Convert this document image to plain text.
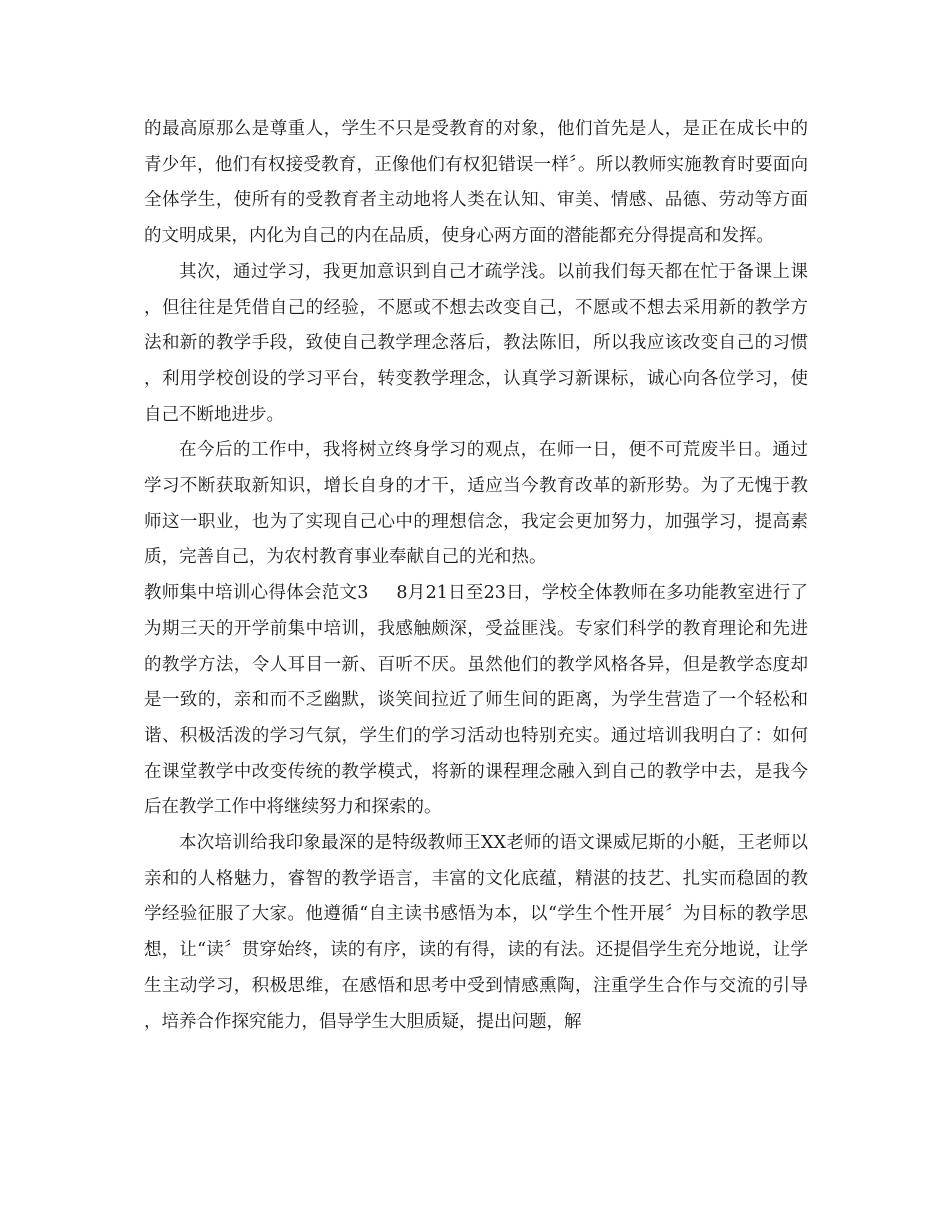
的最高原那么是尊重人，学生不只是受教育的对象，他们首先是人，是正在成长中的青少年，他们有权接受教育，正像他们有权犯错误一样〞。所以教师实施教育时要面向全体学生，使所有的受教育者主动地将人类在认知、审美、情感、品德、劳动等方面的文明成果，内化为自己的内在品质，使身心两方面的潜能都充分得提高和发挥。

其次，通过学习，我更加意识到自己才疏学浅。以前我们每天都在忙于备课上课，但往往是凭借自己的经验，不愿或不想去改变自己，不愿或不想去采用新的教学方法和新的教学手段，致使自己教学理念落后，教法陈旧，所以我应该改变自己的习惯，利用学校创设的学习平台，转变教学理念，认真学习新课标，诚心向各位学习，使自己不断地进步。

在今后的工作中，我将树立终身学习的观点，在师一日，便不可荒废半日。通过学习不断获取新知识，增长自身的才干，适应当今教育改革的新形势。为了无愧于教师这一职业，也为了实现自己心中的理想信念，我定会更加努力，加强学习，提高素质，完善自己，为农村教育事业奉献自己的光和热。

教师集中培训心得体会范文3 8月21日至23日，学校全体教师在多功能教室进行了为期三天的开学前集中培训，我感触颇深，受益匪浅。专家们科学的教育理论和先进的教学方法，令人耳目一新、百听不厌。虽然他们的教学风格各异，但是教学态度却是一致的，亲和而不乏幽默，谈笑间拉近了师生间的距离，为学生营造了一个轻松和谐、积极活泼的学习气氛，学生们的学习活动也特别充实。通过培训我明白了：如何在课堂教学中改变传统的教学模式，将新的课程理念融入到自己的教学中去，是我今后在教学工作中将继续努力和探索的。

本次培训给我印象最深的是特级教师王XX老师的语文课威尼斯的小艇，王老师以亲和的人格魅力，睿智的教学语言，丰富的文化底蕴，精湛的技艺、扎实而稳固的教学经验征服了大家。他遵循“自主读书感悟为本，以“学生个性开展〞为目标的教学思想，让“读〞贯穿始终，读的有序，读的有得，读的有法。还提倡学生充分地说，让学生主动学习，积极思维，在感悟和思考中受到情感熏陶，注重学生合作与交流的引导，培养合作探究能力，倡导学生大胆质疑，提出问题，解
